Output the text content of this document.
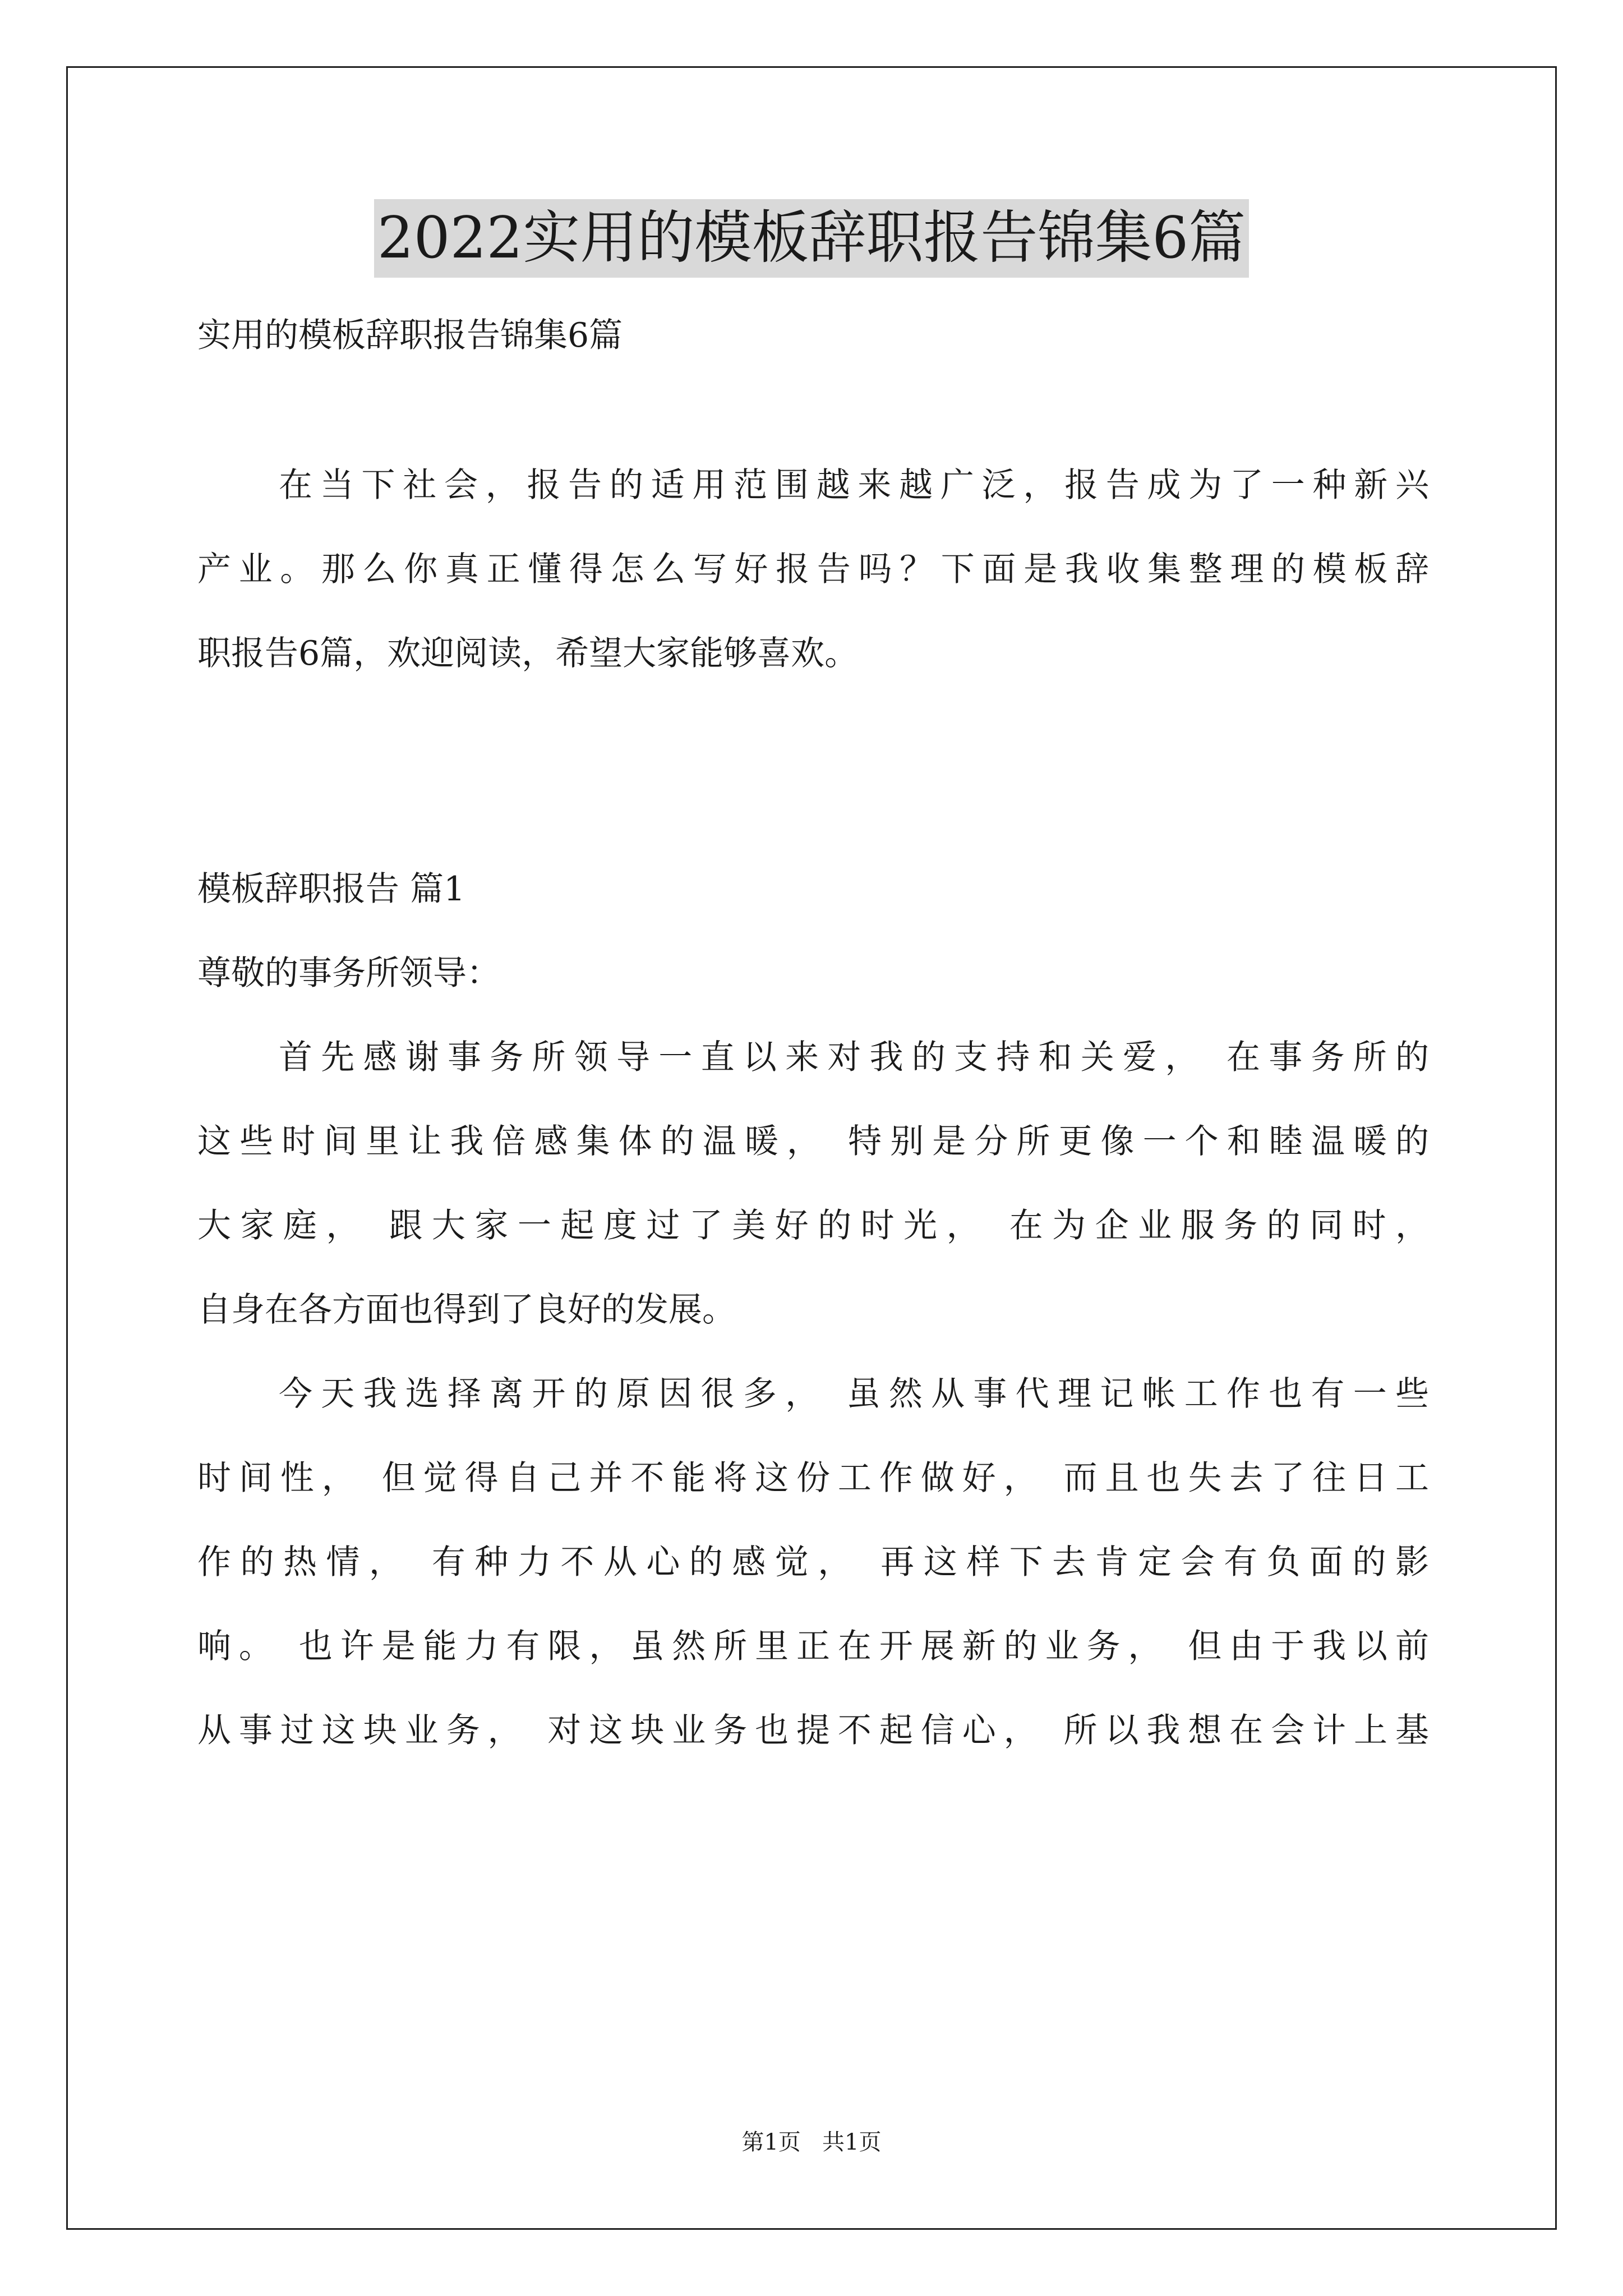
2022实用的模板辞职报告锦集6篇
实用的模板辞职报告锦集6篇
在当下社会，报告的适用范围越来越广泛，报告成为了一种新兴
产业。那么你真正懂得怎么写好报告吗？下面是我收集整理的模板辞
职报告6篇，欢迎阅读，希望大家能够喜欢。
模板辞职报告 篇1
尊敬的事务所领导：
首先感谢事务所领导一直以来对我的支持和关爱， 在事务所的
这些时间里让我倍感集体的温暖， 特别是分所更像一个和睦温暖的
大家庭， 跟大家一起度过了美好的时光， 在为企业服务的同时，
自身在各方面也得到了良好的发展。
今天我选择离开的原因很多， 虽然从事代理记帐工作也有一些
时间性， 但觉得自己并不能将这份工作做好， 而且也失去了往日工
作的热情， 有种力不从心的感觉， 再这样下去肯定会有负面的影
响。 也许是能力有限，虽然所里正在开展新的业务， 但由于我以前
从事过这块业务， 对这块业务也提不起信心， 所以我想在会计上基
第1页   共1页
